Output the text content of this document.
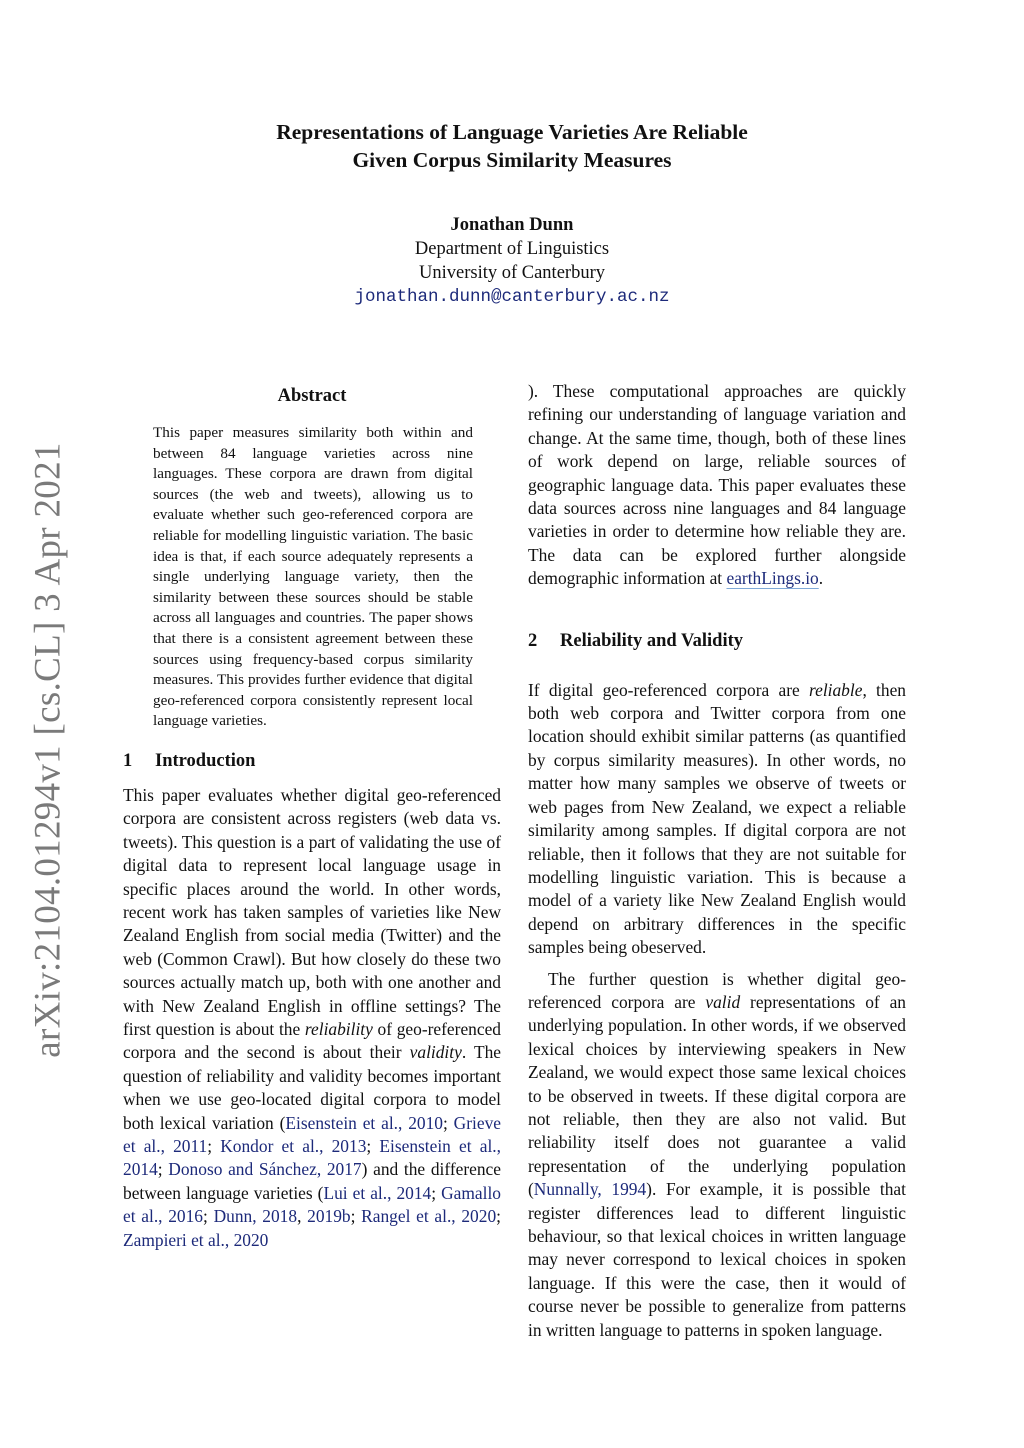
Representations of Language Varieties Are Reliable
Given Corpus Similarity Measures
Jonathan Dunn
Department of Linguistics
University of Canterbury
jonathan.dunn@canterbury.ac.nz
arXiv:2104.01294v1 [cs.CL] 3 Apr 2021
Abstract
This paper measures similarity both within and between 84 language varieties across nine languages. These corpora are drawn from digital sources (the web and tweets), allowing us to evaluate whether such geo-referenced corpora are reliable for modelling linguistic variation. The basic idea is that, if each source adequately represents a single underlying language variety, then the similarity between these sources should be stable across all languages and countries. The paper shows that there is a consistent agreement between these sources using frequency-based corpus similarity measures. This provides further evidence that digital geo-referenced corpora consistently represent local language varieties.
1 Introduction

This paper evaluates whether digital geo-referenced corpora are consistent across registers (web data vs. tweets). This question is a part of validating the use of digital data to represent local language usage in specific places around the world. In other words, recent work has taken samples of varieties like New Zealand English from social media (Twitter) and the web (Common Crawl). But how closely do these two sources actually match up, both with one another and with New Zealand English in offline settings? The first question is about the reliability of geo-referenced corpora and the second is about their validity. The question of reliability and validity becomes important when we use geo-located digital corpora to model both lexical variation (Eisenstein et al., 2010; Grieve et al., 2011; Kondor et al., 2013; Eisenstein et al., 2014; Donoso and Sánchez, 2017) and the difference between language varieties (Lui et al., 2014; Gamallo et al., 2016; Dunn, 2018, 2019b; Rangel et al., 2020; Zampieri et al., 2020

). These computational approaches are quickly refining our understanding of language variation and change. At the same time, though, both of these lines of work depend on large, reliable sources of geographic language data. This paper evaluates these data sources across nine languages and 84 language varieties in order to determine how reliable they are. The data can be explored further alongside demographic information at earthLings.io.

2 Reliability and Validity

If digital geo-referenced corpora are reliable, then both web corpora and Twitter corpora from one location should exhibit similar patterns (as quantified by corpus similarity measures). In other words, no matter how many samples we observe of tweets or web pages from New Zealand, we expect a reliable similarity among samples. If digital corpora are not reliable, then it follows that they are not suitable for modelling linguistic variation. This is because a model of a variety like New Zealand English would depend on arbitrary differences in the specific samples being obeserved.

The further question is whether digital geo-referenced corpora are valid representations of an underlying population. In other words, if we observed lexical choices by interviewing speakers in New Zealand, we would expect those same lexical choices to be observed in tweets. If these digital corpora are not reliable, then they are also not valid. But reliability itself does not guarantee a valid representation of the underlying population (Nunnally, 1994). For example, it is possible that register differences lead to different linguistic behaviour, so that lexical choices in written language may never correspond to lexical choices in spoken language. If this were the case, then it would of course never be possible to generalize from patterns in written language to patterns in spoken language.
